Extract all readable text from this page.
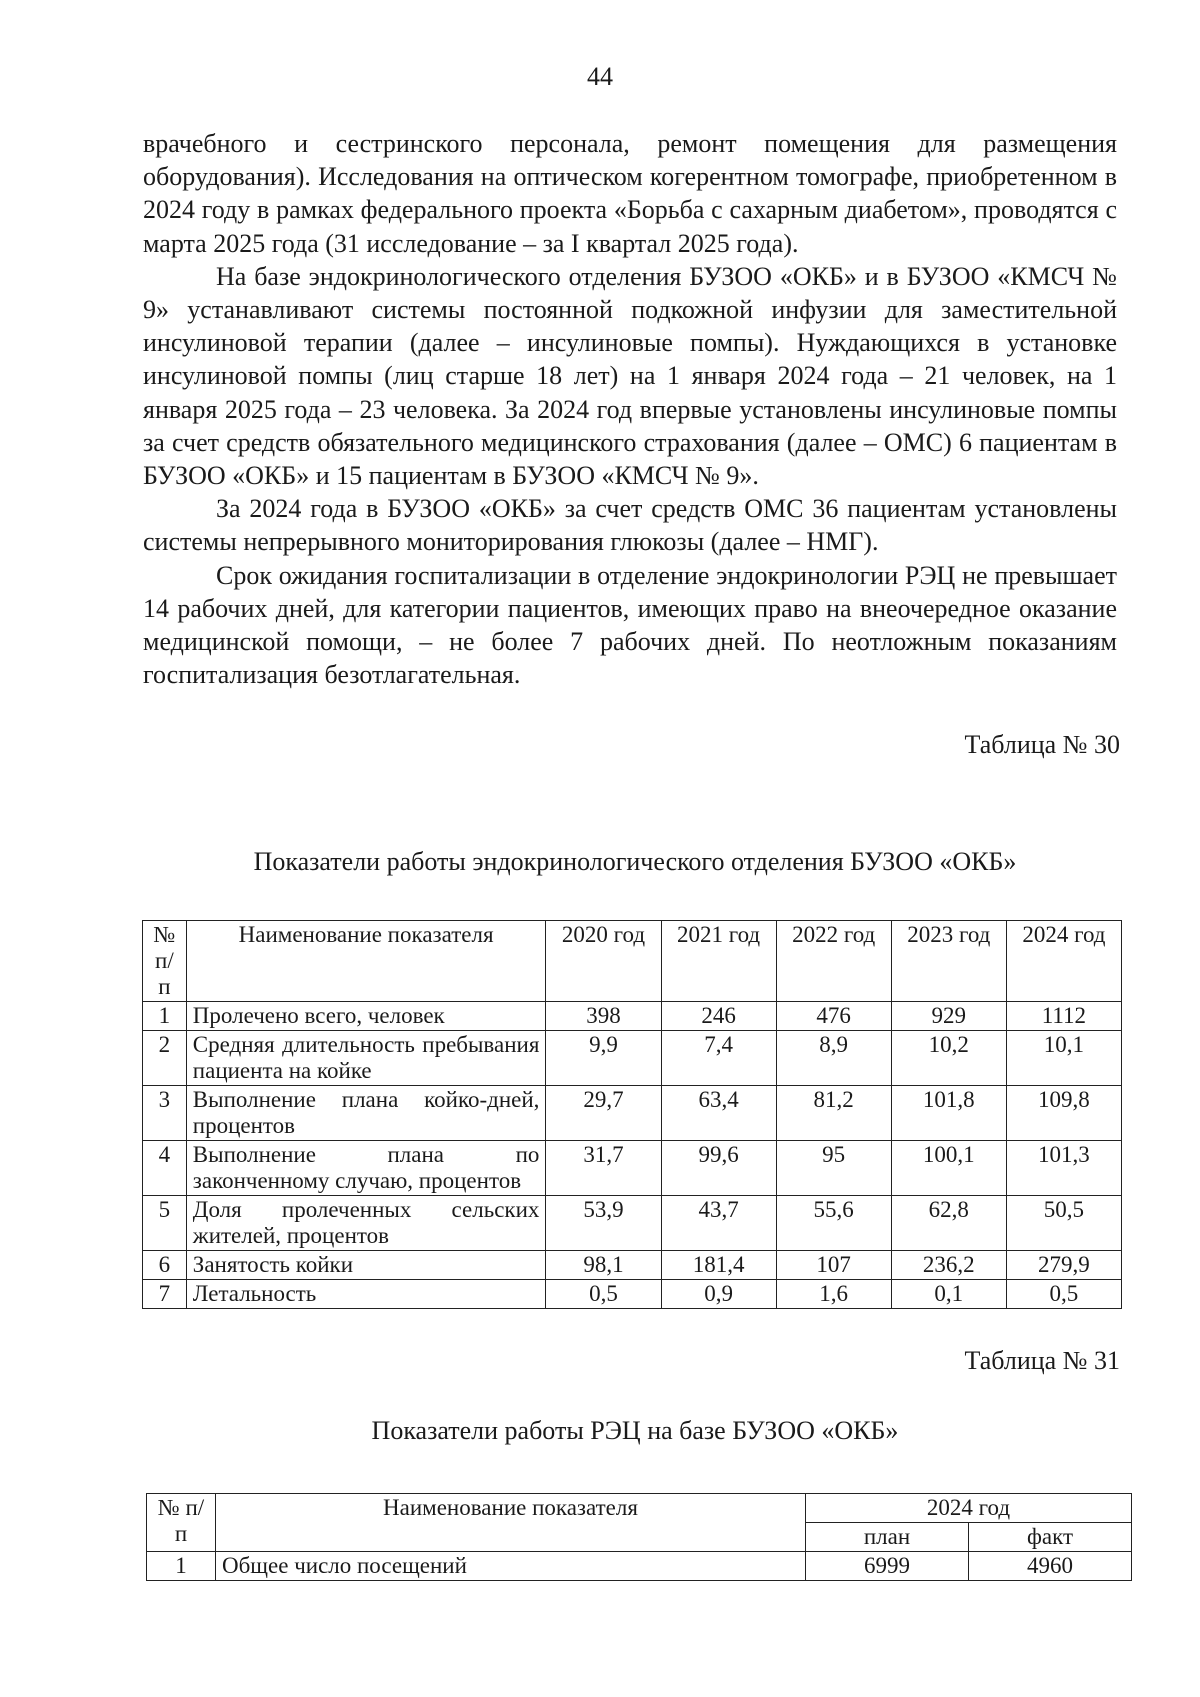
44

врачебного и сестринского персонала, ремонт помещения для размещения оборудования). Исследования на оптическом когерентном томографе, приобретенном в 2024 году в рамках федерального проекта «Борьба с сахарным диабетом», проводятся с марта 2025 года (31 исследование – за I квартал 2025 года).

На базе эндокринологического отделения БУЗОО «ОКБ» и в БУЗОО «КМСЧ № 9» устанавливают системы постоянной подкожной инфузии для заместительной инсулиновой терапии (далее – инсулиновые помпы). Нуждающихся в установке инсулиновой помпы (лиц старше 18 лет) на 1 января 2024 года – 21 человек, на 1 января 2025 года – 23 человека. За 2024 год впервые установлены инсулиновые помпы за счет средств обязательного медицинского страхования (далее – ОМС) 6 пациентам в БУЗОО «ОКБ» и 15 пациентам в БУЗОО «КМСЧ № 9».

За 2024 года в БУЗОО «ОКБ» за счет средств ОМС 36 пациентам установлены системы непрерывного мониторирования глюкозы (далее – НМГ).

Срок ожидания госпитализации в отделение эндокринологии РЭЦ не превышает 14 рабочих дней, для категории пациентов, имеющих право на внеочередное оказание медицинской помощи, – не более 7 рабочих дней. По неотложным показаниям госпитализация безотлагательная.

Таблица № 30
Показатели работы эндокринологического отделения БУЗОО «ОКБ»
№ п/п	Наименование показателя	2020 год	2021 год	2022 год	2023 год	2024 год
1	Пролечено всего, человек	398	246	476	929	1112
2	Средняя длительность пребывания пациента на койке	9,9	7,4	8,9	10,2	10,1
3	Выполнение плана койко-дней, процентов	29,7	63,4	81,2	101,8	109,8
4	Выполнение плана по законченному случаю, процентов	31,7	99,6	95	100,1	101,3
5	Доля пролеченных сельских жителей, процентов	53,9	43,7	55,6	62,8	50,5
6	Занятость койки	98,1	181,4	107	236,2	279,9
7	Летальность	0,5	0,9	1,6	0,1	0,5
Таблица № 31
Показатели работы РЭЦ на базе БУЗОО «ОКБ»
№ п/п	Наименование показателя	2024 год	
		план	факт
1	Общее число посещений	6999	4960
